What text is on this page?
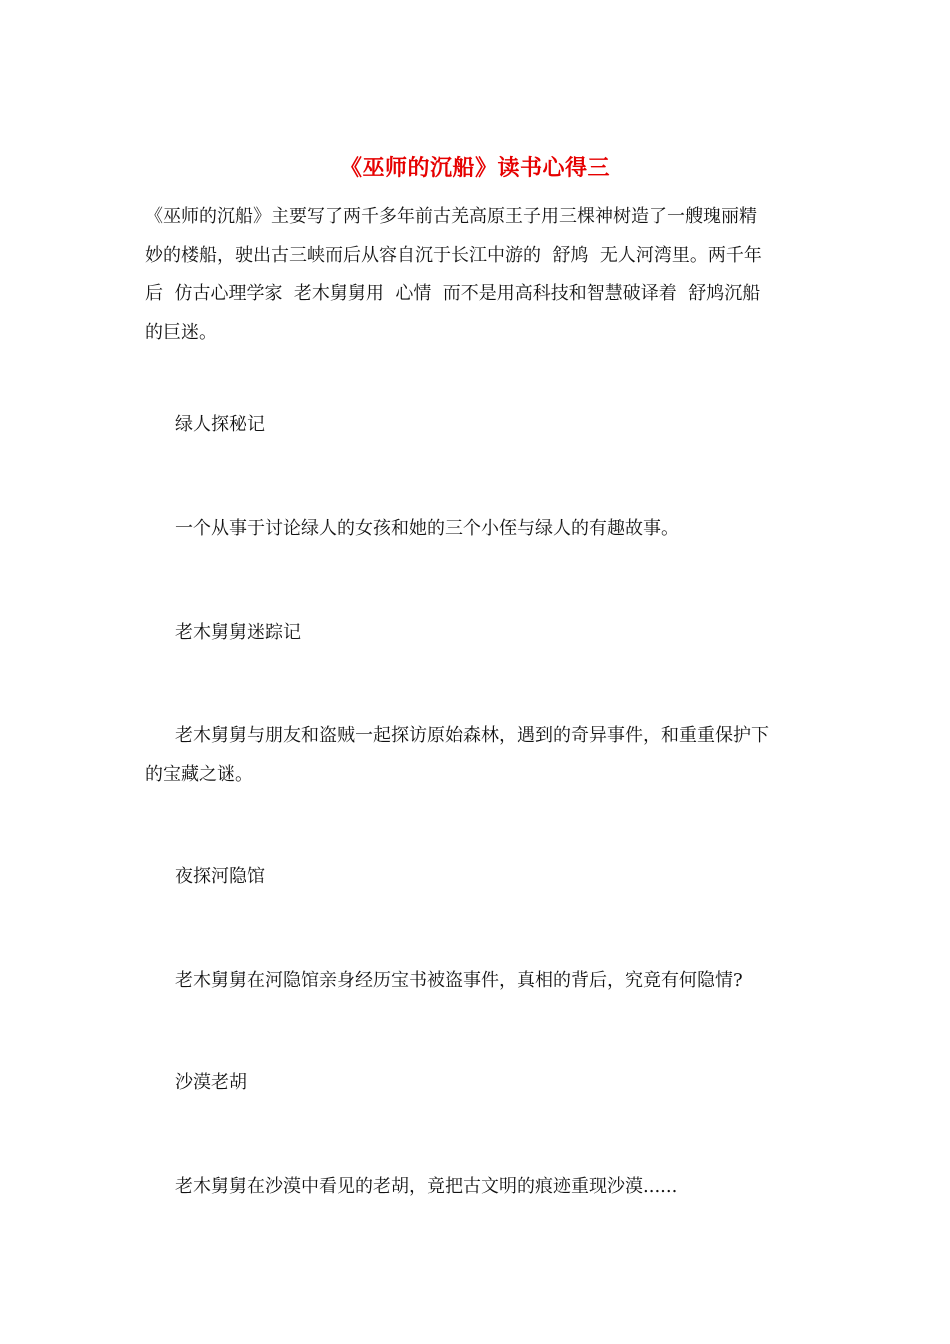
《巫师的沉船》读书心得三
《巫师的沉船》主要写了两千多年前古羌高原王子用三棵神树造了一艘瑰丽精
妙的楼船，驶出古三峡而后从容自沉于长江中游的  舒鸠  无人河湾里。两千年
后  仿古心理学家  老木舅舅用  心情  而不是用高科技和智慧破译着  舒鸠沉船
的巨迷。
绿人探秘记
一个从事于讨论绿人的女孩和她的三个小侄与绿人的有趣故事。
老木舅舅迷踪记
老木舅舅与朋友和盗贼一起探访原始森林，遇到的奇异事件，和重重保护下
的宝藏之谜。
夜探河隐馆
老木舅舅在河隐馆亲身经历宝书被盗事件，真相的背后，究竟有何隐情?
沙漠老胡
老木舅舅在沙漠中看见的老胡，竟把古文明的痕迹重现沙漠......
